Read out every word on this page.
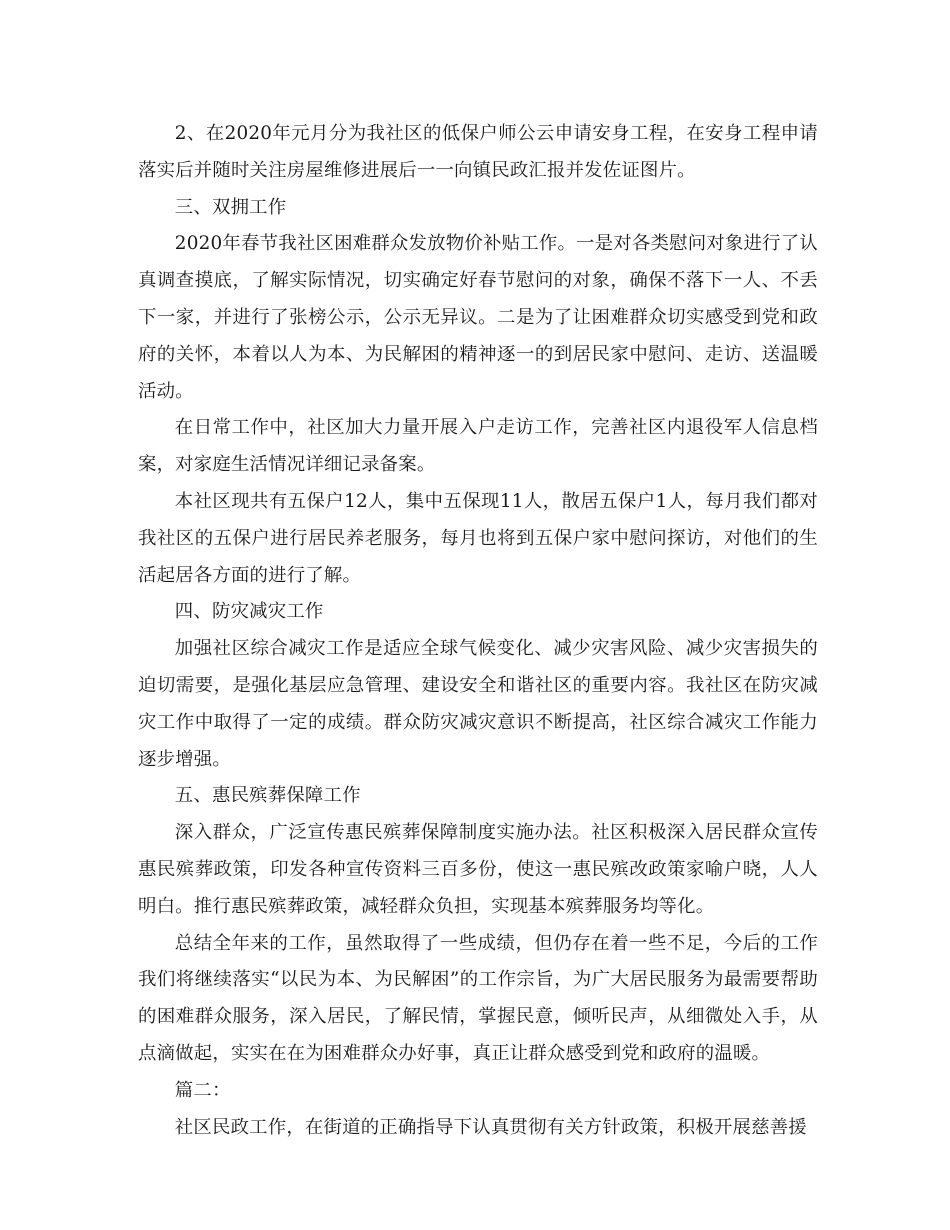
2、在2020年元月分为我社区的低保户师公云申请安身工程，在安身工程申请落实后并随时关注房屋维修进展后一一向镇民政汇报并发佐证图片。

三、双拥工作

2020年春节我社区困难群众发放物价补贴工作。一是对各类慰问对象进行了认真调查摸底，了解实际情况，切实确定好春节慰问的对象，确保不落下一人、不丢下一家，并进行了张榜公示，公示无异议。二是为了让困难群众切实感受到党和政府的关怀，本着以人为本、为民解困的精神逐一的到居民家中慰问、走访、送温暖活动。

在日常工作中，社区加大力量开展入户走访工作，完善社区内退役军人信息档案，对家庭生活情况详细记录备案。

本社区现共有五保户12人，集中五保现11人，散居五保户1人，每月我们都对我社区的五保户进行居民养老服务，每月也将到五保户家中慰问探访，对他们的生活起居各方面的进行了解。

四、防灾减灾工作

加强社区综合减灾工作是适应全球气候变化、减少灾害风险、减少灾害损失的迫切需要，是强化基层应急管理、建设安全和谐社区的重要内容。我社区在防灾减灾工作中取得了一定的成绩。群众防灾减灾意识不断提高，社区综合减灾工作能力逐步增强。

五、惠民殡葬保障工作

深入群众，广泛宣传惠民殡葬保障制度实施办法。社区积极深入居民群众宣传惠民殡葬政策，印发各种宣传资料三百多份，使这一惠民殡改政策家喻户晓，人人明白。推行惠民殡葬政策，减轻群众负担，实现基本殡葬服务均等化。

总结全年来的工作，虽然取得了一些成绩，但仍存在着一些不足，今后的工作我们将继续落实“以民为本、为民解困”的工作宗旨，为广大居民服务为最需要帮助的困难群众服务，深入居民，了解民情，掌握民意，倾听民声，从细微处入手，从点滴做起，实实在在为困难群众办好事，真正让群众感受到党和政府的温暖。

篇二：

社区民政工作，在街道的正确指导下认真贯彻有关方针政策，积极开展慈善援
